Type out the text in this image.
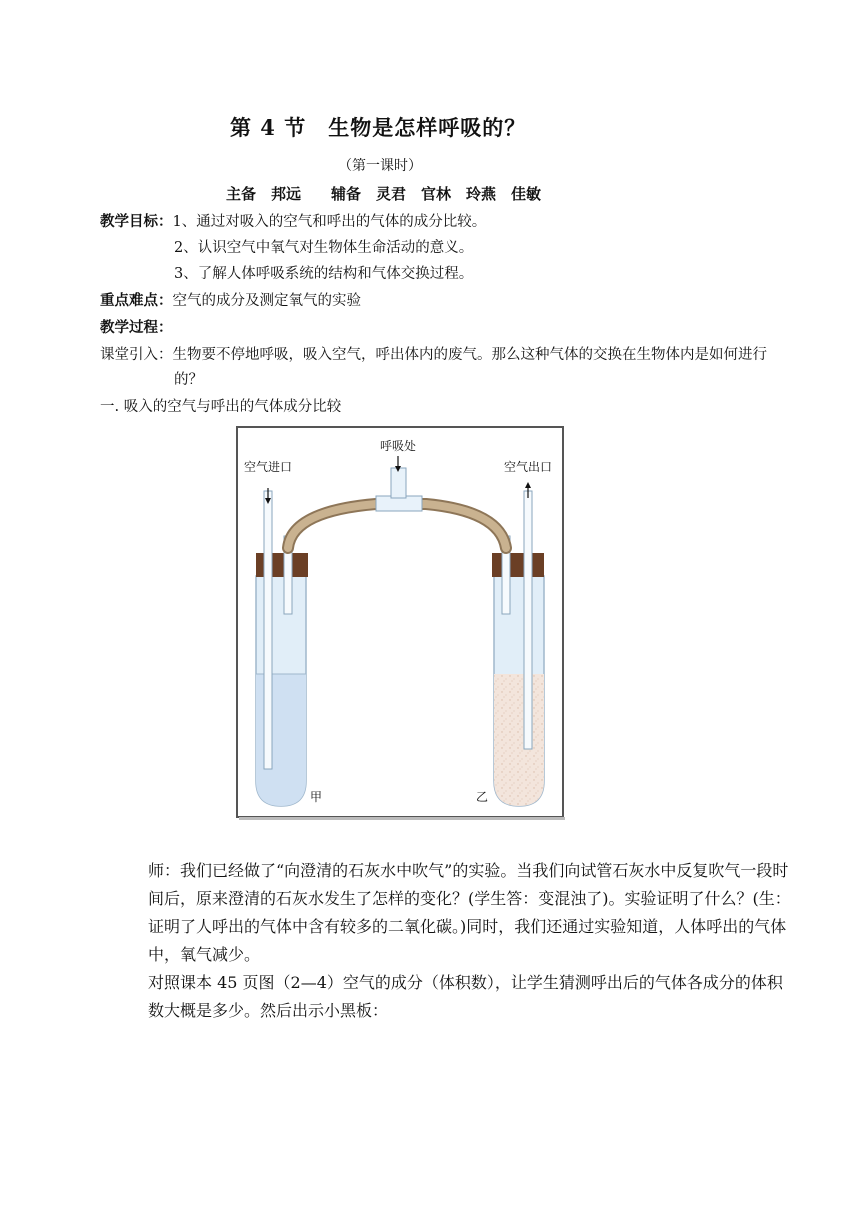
第 4 节　生物是怎样呼吸的？
（第一课时）
主备　邦远　　辅备　灵君　官林　玲燕　佳敏
教学目标：1、通过对吸入的空气和呼出的气体的成分比较。
2、认识空气中氧气对生物体生命活动的意义。
3、了解人体呼吸系统的结构和气体交换过程。
重点难点：空气的成分及测定氧气的实验
教学过程：
课堂引入：生物要不停地呼吸，吸入空气，呼出体内的废气。那么这种气体的交换在生物体内是如何进行
的？
一. 吸入的空气与呼出的气体成分比较
呼吸处
空气进口	空气出口
甲	乙
师：我们已经做了“向澄清的石灰水中吹气”的实验。当我们向试管石灰水中反复吹气一段时间后，原来澄清的石灰水发生了怎样的变化？(学生答：变混浊了)。实验证明了什么？(生：证明了人呼出的气体中含有较多的二氧化碳。)同时，我们还通过实验知道，人体呼出的气体中，氧气减少。
对照课本 45 页图（2—4）空气的成分（体积数），让学生猜测呼出后的气体各成分的体积数大概是多少。然后出示小黑板：
